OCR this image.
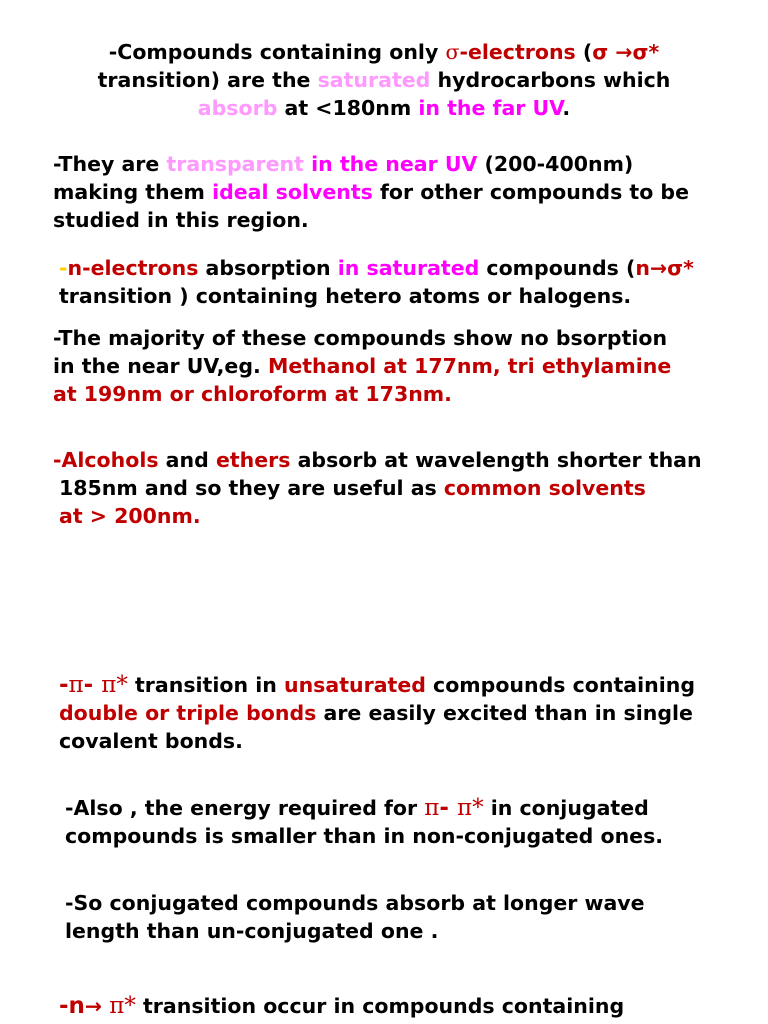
-Compounds containing only σ-electrons (σ →σ*
transition) are the saturated hydrocarbons which
absorb at <180nm in the far UV.
-They are transparent in the near UV (200-400nm)
making them ideal solvents for other compounds to be
studied in this region.
-n-electrons absorption in saturated compounds (n→σ*
transition ) containing hetero atoms or halogens.
-The majority of these compounds show no bsorption
in the near UV,eg. Methanol at 177nm, tri ethylamine
at 199nm or chloroform at 173nm.
-Alcohols and ethers absorb at wavelength shorter than
185nm and so they are useful as common solvents
at > 200nm.
-π- π* transition in unsaturated compounds containing
double or triple bonds are easily excited than in single
covalent bonds.
-Also , the energy required for π- π* in conjugated
compounds is smaller than in non-conjugated ones.
-So conjugated compounds absorb at longer wave
length than un-conjugated one .
-n→ π* transition occur in compounds containing
